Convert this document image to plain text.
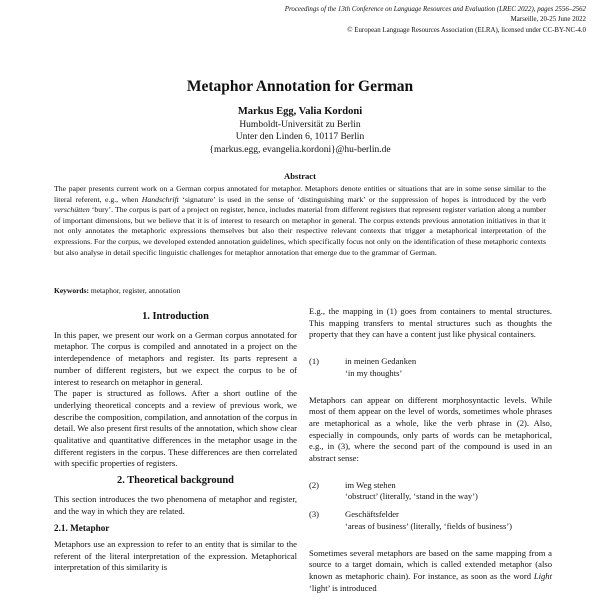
Proceedings of the 13th Conference on Language Resources and Evaluation (LREC 2022), pages 2556–2562
Marseille, 20-25 June 2022
© European Language Resources Association (ELRA), licensed under CC-BY-NC-4.0
Metaphor Annotation for German
Markus Egg, Valia Kordoni
Humboldt-Universität zu Berlin
Unter den Linden 6, 10117 Berlin
{markus.egg, evangelia.kordoni}@hu-berlin.de
Abstract
The paper presents current work on a German corpus annotated for metaphor. Metaphors denote entities or situations that are in some sense similar to the literal referent, e.g., when Handschrift ‘signature’ is used in the sense of ‘distinguishing mark’ or the suppression of hopes is introduced by the verb verschütten ‘bury’. The corpus is part of a project on register, hence, includes material from different registers that represent register variation along a number of important dimensions, but we believe that it is of interest to research on metaphor in general. The corpus extends previous annotation initiatives in that it not only annotates the metaphoric expressions themselves but also their respective relevant contexts that trigger a metaphorical interpretation of the expressions. For the corpus, we developed extended annotation guidelines, which specifically focus not only on the identification of these metaphoric contexts but also analyse in detail specific linguistic challenges for metaphor annotation that emerge due to the grammar of German.
Keywords: metaphor, register, annotation
1. Introduction

In this paper, we present our work on a German corpus annotated for metaphor. The corpus is compiled and annotated in a project on the interdependence of metaphors and register. Its parts represent a number of different registers, but we expect the corpus to be of interest to research on metaphor in general.

The paper is structured as follows. After a short outline of the underlying theoretical concepts and a review of previous work, we describe the composition, compilation, and annotation of the corpus in detail. We also present first results of the annotation, which show clear qualitative and quantitative differences in the metaphor usage in the different registers in the corpus. These differences are then correlated with specific properties of registers.

2. Theoretical background

This section introduces the two phenomena of metaphor and register, and the way in which they are related.

2.1. Metaphor

Metaphors use an expression to refer to an entity that is similar to the referent of the literal interpretation of the expression. Metaphorical interpretation of this similarity is

E.g., the mapping in (1) goes from containers to mental structures. This mapping transfers to mental structures such as thoughts the property that they can have a content just like physical containers.

(1)	in meinen Gedanken
‘in my thoughts’

Metaphors can appear on different morphosyntactic levels. While most of them appear on the level of words, sometimes whole phrases are metaphorical as a whole, like the verb phrase in (2). Also, especially in compounds, only parts of words can be metaphorical, e.g., in (3), where the second part of the compound is used in an abstract sense:

(2)	im Weg stehen
‘obstruct’ (literally, ‘stand in the way’)
(3)	Geschäftsfelder
‘areas of business’ (literally, ‘fields of business’)

Sometimes several metaphors are based on the same mapping from a source to a target domain, which is called extended metaphor (also known as metaphoric chain). For instance, as soon as the word Light ‘light’ is introduced
